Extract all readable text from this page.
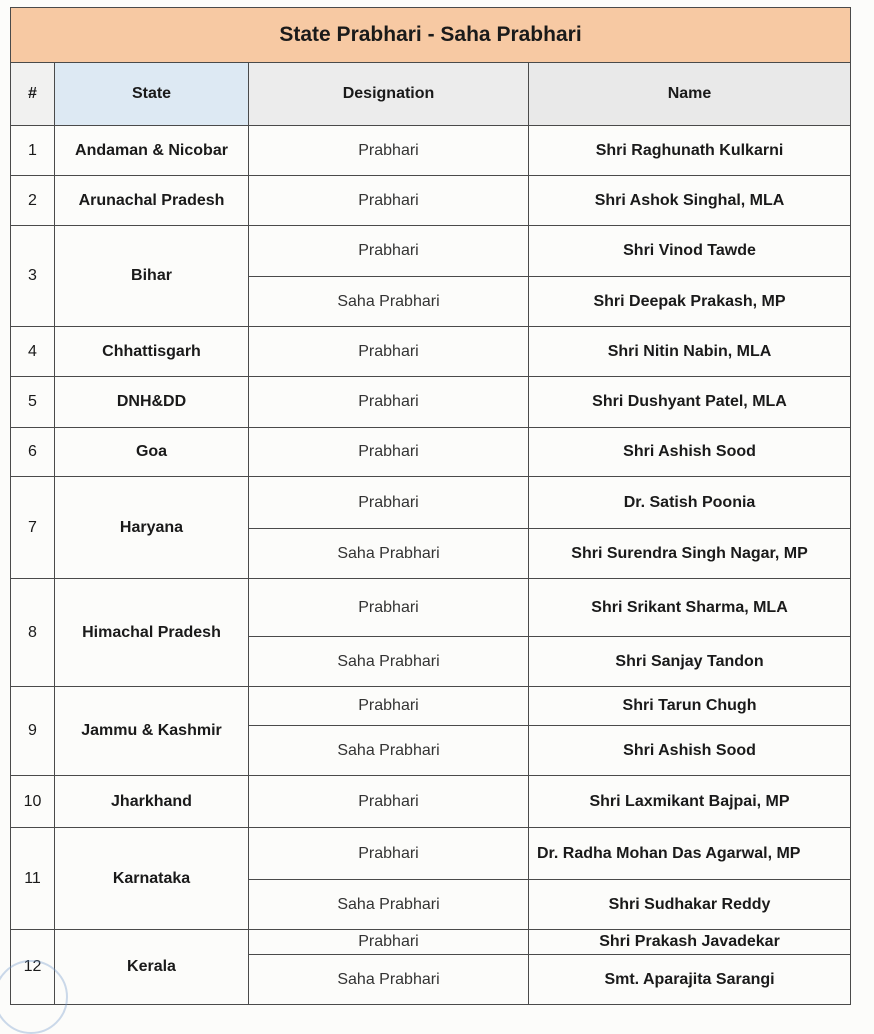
State Prabhari - Saha Prabhari			
#	State	Designation	Name
1	Andaman & Nicobar	Prabhari	Shri Raghunath Kulkarni
2	Arunachal Pradesh	Prabhari	Shri Ashok Singhal, MLA
3	Bihar	Prabhari	Shri Vinod Tawde
		Saha Prabhari	Shri Deepak Prakash, MP
4	Chhattisgarh	Prabhari	Shri Nitin Nabin, MLA
5	DNH&DD	Prabhari	Shri Dushyant Patel, MLA
6	Goa	Prabhari	Shri Ashish Sood
7	Haryana	Prabhari	Dr. Satish Poonia
		Saha Prabhari	Shri Surendra Singh Nagar, MP
8	Himachal Pradesh	Prabhari	Shri Srikant Sharma, MLA
		Saha Prabhari	Shri Sanjay Tandon
9	Jammu & Kashmir	Prabhari	Shri Tarun Chugh
		Saha Prabhari	Shri Ashish Sood
10	Jharkhand	Prabhari	Shri Laxmikant Bajpai, MP
11	Karnataka	Prabhari	Dr. Radha Mohan Das Agarwal, MP
		Saha Prabhari	Shri Sudhakar Reddy
12	Kerala	Prabhari	Shri Prakash Javadekar
		Saha Prabhari	Smt. Aparajita Sarangi
